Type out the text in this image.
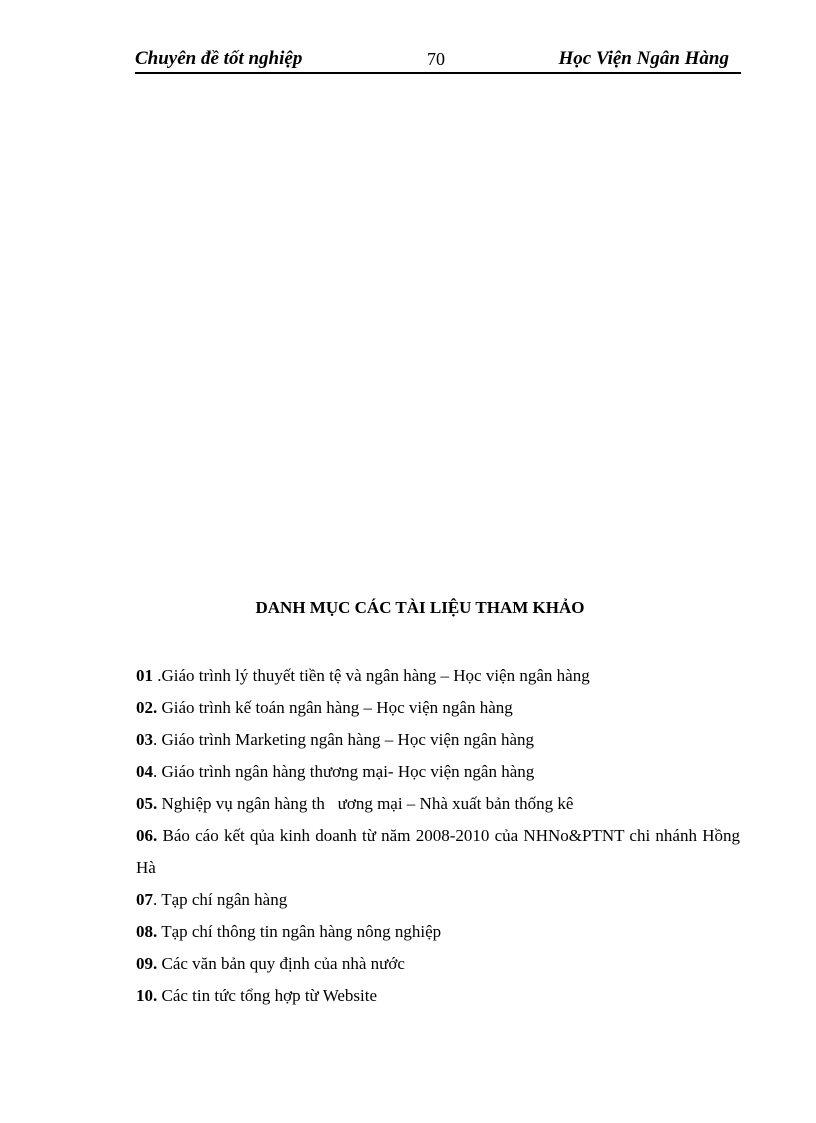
Chuyên đề tốt nghiệp	70	Học Viện Ngân Hàng
DANH MỤC CÁC TÀI LIỆU THAM KHẢO
01 .Giáo trình lý thuyết tiền tệ và ngân hàng – Học viện ngân hàng
02. Giáo trình kế toán ngân hàng – Học viện ngân hàng
03. Giáo trình Marketing ngân hàng – Học viện ngân hàng
04. Giáo trình ngân hàng thương mại- Học viện ngân hàng
05. Nghiệp vụ ngân hàng th   ương mại – Nhà xuất bản thống kê
06. Báo cáo kết qủa kinh doanh từ năm 2008-2010 của NHNo&PTNT chi nhánh Hồng Hà
07. Tạp chí ngân hàng
08. Tạp chí thông tin ngân hàng nông nghiệp
09. Các văn bản quy định của nhà nước
10. Các tin tức tổng hợp từ Website
